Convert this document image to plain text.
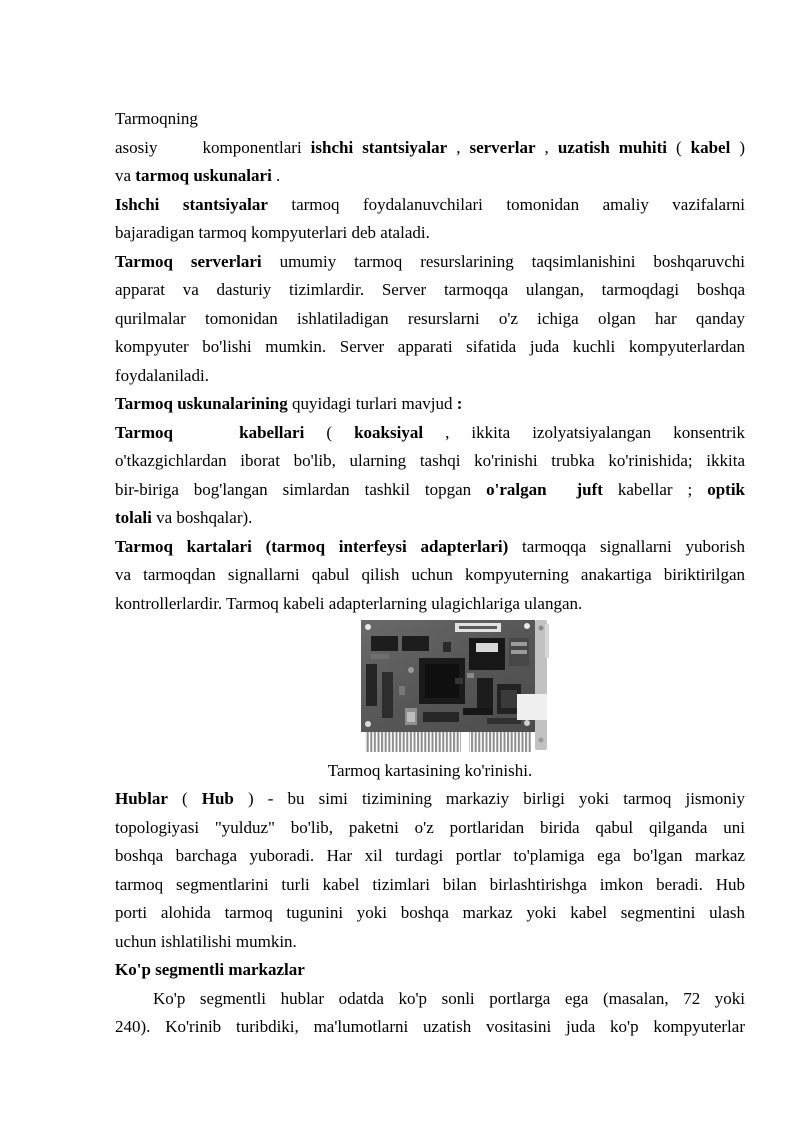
Tarmoqning
asosiy     komponentlari ishchi stantsiyalar , serverlar , uzatish muhiti ( kabel )
va tarmoq uskunalari .
Ishchi stantsiyalar tarmoq foydalanuvchilari tomonidan amaliy vazifalarni
bajaradigan tarmoq kompyuterlari deb ataladi.
Tarmoq serverlari umumiy tarmoq resurslarining taqsimlanishini boshqaruvchi
apparat va dasturiy tizimlardir. Server tarmoqqa ulangan, tarmoqdagi boshqa
qurilmalar tomonidan ishlatiladigan resurslarni o'z ichiga olgan har qanday
kompyuter bo'lishi mumkin. Server apparati sifatida juda kuchli kompyuterlardan
foydalaniladi.
Tarmoq uskunalarining quyidagi turlari mavjud :
Tarmoq   kabellari ( koaksiyal , ikkita izolyatsiyalangan konsentrik
o'tkazgichlardan iborat bo'lib, ularning tashqi ko'rinishi trubka ko'rinishida; ikkita
bir-biriga bog'langan simlardan tashkil topgan o'ralgan  juft kabellar ; optik
tolali va boshqalar).
Tarmoq kartalari (tarmoq interfeysi adapterlari) tarmoqqa signallarni yuborish
va tarmoqdan signallarni qabul qilish uchun kompyuterning anakartiga biriktirilgan
kontrollerlardir. Tarmoq kabeli adapterlarning ulagichlariga ulangan.
Tarmoq kartasining ko'rinishi.
Hublar ( Hub ) - bu simi tizimining markaziy birligi yoki tarmoq jismoniy
topologiyasi "yulduz" bo'lib, paketni o'z portlaridan birida qabul qilganda uni
boshqa barchaga yuboradi. Har xil turdagi portlar to'plamiga ega bo'lgan markaz
tarmoq segmentlarini turli kabel tizimlari bilan birlashtirishga imkon beradi. Hub
porti alohida tarmoq tugunini yoki boshqa markaz yoki kabel segmentini ulash
uchun ishlatilishi mumkin.
Ko'p segmentli markazlar
Ko'p segmentli hublar odatda ko'p sonli portlarga ega (masalan, 72 yoki
240). Ko'rinib turibdiki, ma'lumotlarni uzatish vositasini juda ko'p kompyuterlar
